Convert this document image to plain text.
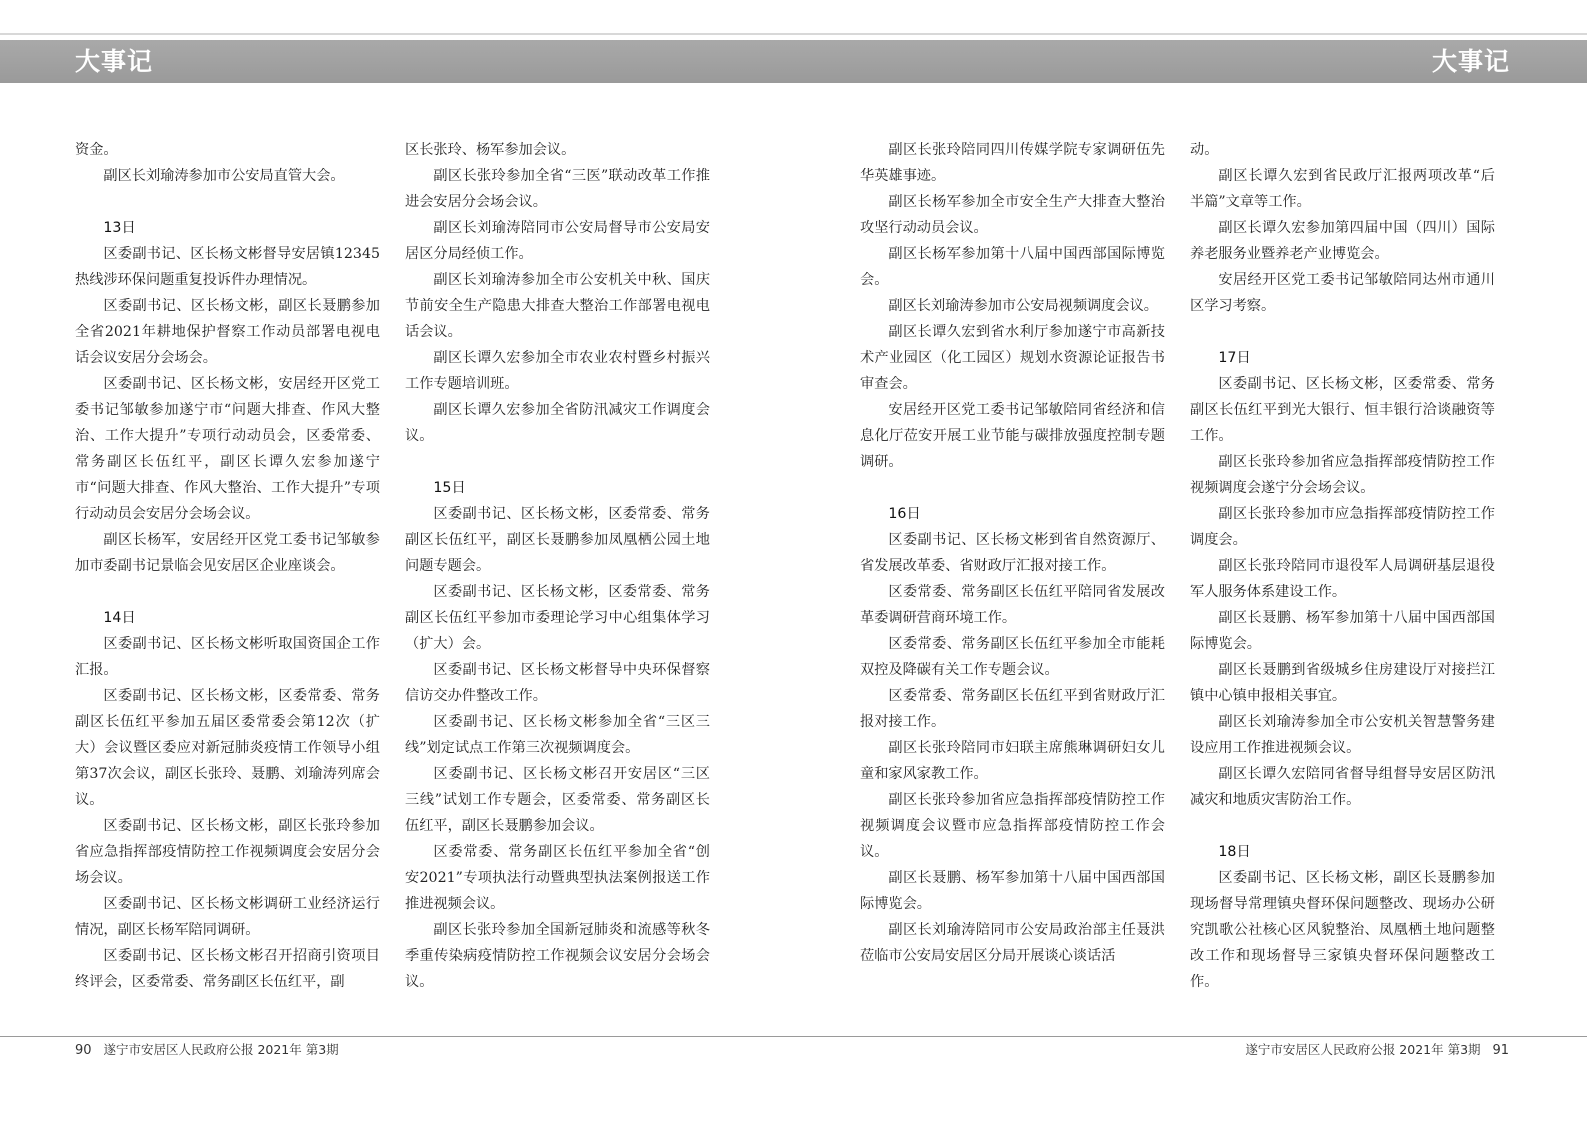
大事记	大事记

资金。

副区长刘瑜涛参加市公安局直管大会。

13日

区委副书记、区长杨文彬督导安居镇12345热线涉环保问题重复投诉件办理情况。

区委副书记、区长杨文彬，副区长聂鹏参加全省2021年耕地保护督察工作动员部署电视电话会议安居分会场会。

区委副书记、区长杨文彬，安居经开区党工委书记邹敏参加遂宁市“问题大排查、作风大整治、工作大提升”专项行动动员会，区委常委、常务副区长伍红平，副区长谭久宏参加遂宁市“问题大排查、作风大整治、工作大提升”专项行动动员会安居分会场会议。

副区长杨军，安居经开区党工委书记邹敏参加市委副书记景临会见安居区企业座谈会。

14日

区委副书记、区长杨文彬听取国资国企工作汇报。

区委副书记、区长杨文彬，区委常委、常务副区长伍红平参加五届区委常委会第12次（扩大）会议暨区委应对新冠肺炎疫情工作领导小组第37次会议，副区长张玲、聂鹏、刘瑜涛列席会议。

区委副书记、区长杨文彬，副区长张玲参加省应急指挥部疫情防控工作视频调度会安居分会场会议。

区委副书记、区长杨文彬调研工业经济运行情况，副区长杨军陪同调研。

区委副书记、区长杨文彬召开招商引资项目终评会，区委常委、常务副区长伍红平，副

区长张玲、杨军参加会议。

副区长张玲参加全省“三医”联动改革工作推进会安居分会场会议。

副区长刘瑜涛陪同市公安局督导市公安局安居区分局经侦工作。

副区长刘瑜涛参加全市公安机关中秋、国庆节前安全生产隐患大排查大整治工作部署电视电话会议。

副区长谭久宏参加全市农业农村暨乡村振兴工作专题培训班。

副区长谭久宏参加全省防汛减灾工作调度会议。

15日

区委副书记、区长杨文彬，区委常委、常务副区长伍红平，副区长聂鹏参加凤凰栖公园土地问题专题会。

区委副书记、区长杨文彬，区委常委、常务副区长伍红平参加市委理论学习中心组集体学习（扩大）会。

区委副书记、区长杨文彬督导中央环保督察信访交办件整改工作。

区委副书记、区长杨文彬参加全省“三区三线”划定试点工作第三次视频调度会。

区委副书记、区长杨文彬召开安居区“三区三线”试划工作专题会，区委常委、常务副区长伍红平，副区长聂鹏参加会议。

区委常委、常务副区长伍红平参加全省“创安2021”专项执法行动暨典型执法案例报送工作推进视频会议。

副区长张玲参加全国新冠肺炎和流感等秋冬季重传染病疫情防控工作视频会议安居分会场会议。

副区长张玲陪同四川传媒学院专家调研伍先华英雄事迹。

副区长杨军参加全市安全生产大排查大整治攻坚行动动员会议。

副区长杨军参加第十八届中国西部国际博览会。

副区长刘瑜涛参加市公安局视频调度会议。

副区长谭久宏到省水利厅参加遂宁市高新技术产业园区（化工园区）规划水资源论证报告书审查会。

安居经开区党工委书记邹敏陪同省经济和信息化厅莅安开展工业节能与碳排放强度控制专题调研。

16日

区委副书记、区长杨文彬到省自然资源厅、省发展改革委、省财政厅汇报对接工作。

区委常委、常务副区长伍红平陪同省发展改革委调研营商环境工作。

区委常委、常务副区长伍红平参加全市能耗双控及降碳有关工作专题会议。

区委常委、常务副区长伍红平到省财政厅汇报对接工作。

副区长张玲陪同市妇联主席熊琳调研妇女儿童和家风家教工作。

副区长张玲参加省应急指挥部疫情防控工作视频调度会议暨市应急指挥部疫情防控工作会议。

副区长聂鹏、杨军参加第十八届中国西部国际博览会。

副区长刘瑜涛陪同市公安局政治部主任聂洪莅临市公安局安居区分局开展谈心谈话活

动。

副区长谭久宏到省民政厅汇报两项改革“后半篇”文章等工作。

副区长谭久宏参加第四届中国（四川）国际养老服务业暨养老产业博览会。

安居经开区党工委书记邹敏陪同达州市通川区学习考察。

17日

区委副书记、区长杨文彬，区委常委、常务副区长伍红平到光大银行、恒丰银行洽谈融资等工作。

副区长张玲参加省应急指挥部疫情防控工作视频调度会遂宁分会场会议。

副区长张玲参加市应急指挥部疫情防控工作调度会。

副区长张玲陪同市退役军人局调研基层退役军人服务体系建设工作。

副区长聂鹏、杨军参加第十八届中国西部国际博览会。

副区长聂鹏到省级城乡住房建设厅对接拦江镇中心镇申报相关事宜。

副区长刘瑜涛参加全市公安机关智慧警务建设应用工作推进视频会议。

副区长谭久宏陪同省督导组督导安居区防汛减灾和地质灾害防治工作。

18日

区委副书记、区长杨文彬，副区长聂鹏参加现场督导常理镇央督环保问题整改、现场办公研究凯歌公社核心区风貌整治、凤凰栖土地问题整改工作和现场督导三家镇央督环保问题整改工作。

90 遂宁市安居区人民政府公报 2021年 第3期	遂宁市安居区人民政府公报 2021年 第3期 91
